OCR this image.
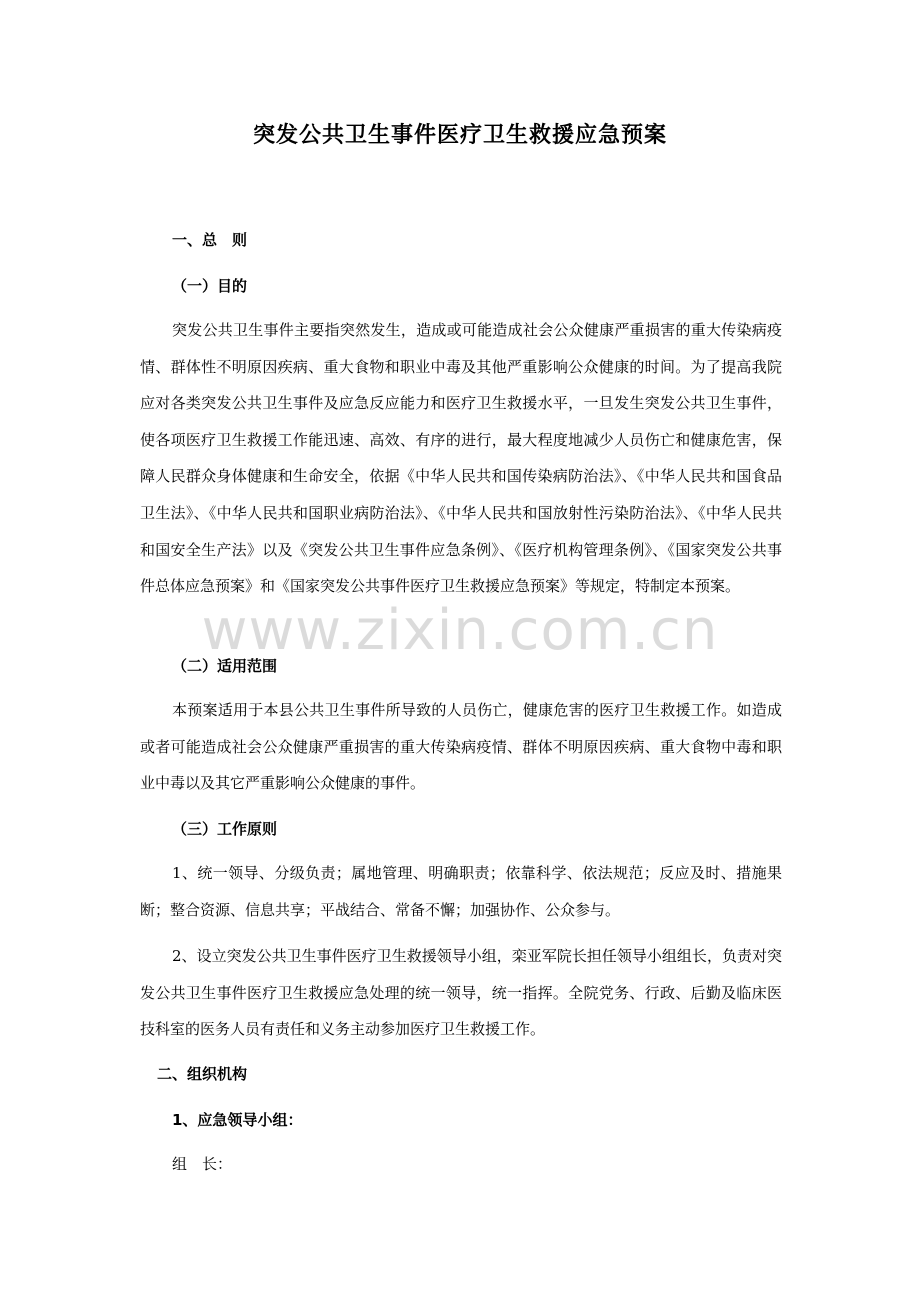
突发公共卫生事件医疗卫生救援应急预案
一、总　则
（一）目的

突发公共卫生事件主要指突然发生，造成或可能造成社会公众健康严重损害的重大传染病疫情、群体性不明原因疾病、重大食物和职业中毒及其他严重影响公众健康的时间。为了提高我院应对各类突发公共卫生事件及应急反应能力和医疗卫生救援水平，一旦发生突发公共卫生事件，使各项医疗卫生救援工作能迅速、高效、有序的进行，最大程度地减少人员伤亡和健康危害，保障人民群众身体健康和生命安全，依据《中华人民共和国传染病防治法》、《中华人民共和国食品卫生法》、《中华人民共和国职业病防治法》、《中华人民共和国放射性污染防治法》、《中华人民共和国安全生产法》以及《突发公共卫生事件应急条例》、《医疗机构管理条例》、《国家突发公共事件总体应急预案》和《国家突发公共事件医疗卫生救援应急预案》等规定，特制定本预案。

（二）适用范围

本预案适用于本县公共卫生事件所导致的人员伤亡，健康危害的医疗卫生救援工作。如造成或者可能造成社会公众健康严重损害的重大传染病疫情、群体不明原因疾病、重大食物中毒和职业中毒以及其它严重影响公众健康的事件。

（三）工作原则

1、统一领导、分级负责；属地管理、明确职责；依靠科学、依法规范；反应及时、措施果断；整合资源、信息共享；平战结合、常备不懈；加强协作、公众参与。

2、设立突发公共卫生事件医疗卫生救援领导小组，栾亚军院长担任领导小组组长，负责对突发公共卫生事件医疗卫生救援应急处理的统一领导，统一指挥。全院党务、行政、后勤及临床医技科室的医务人员有责任和义务主动参加医疗卫生救援工作。

二、组织机构
1、应急领导小组：

组　长：

www.zixin.com.cn
